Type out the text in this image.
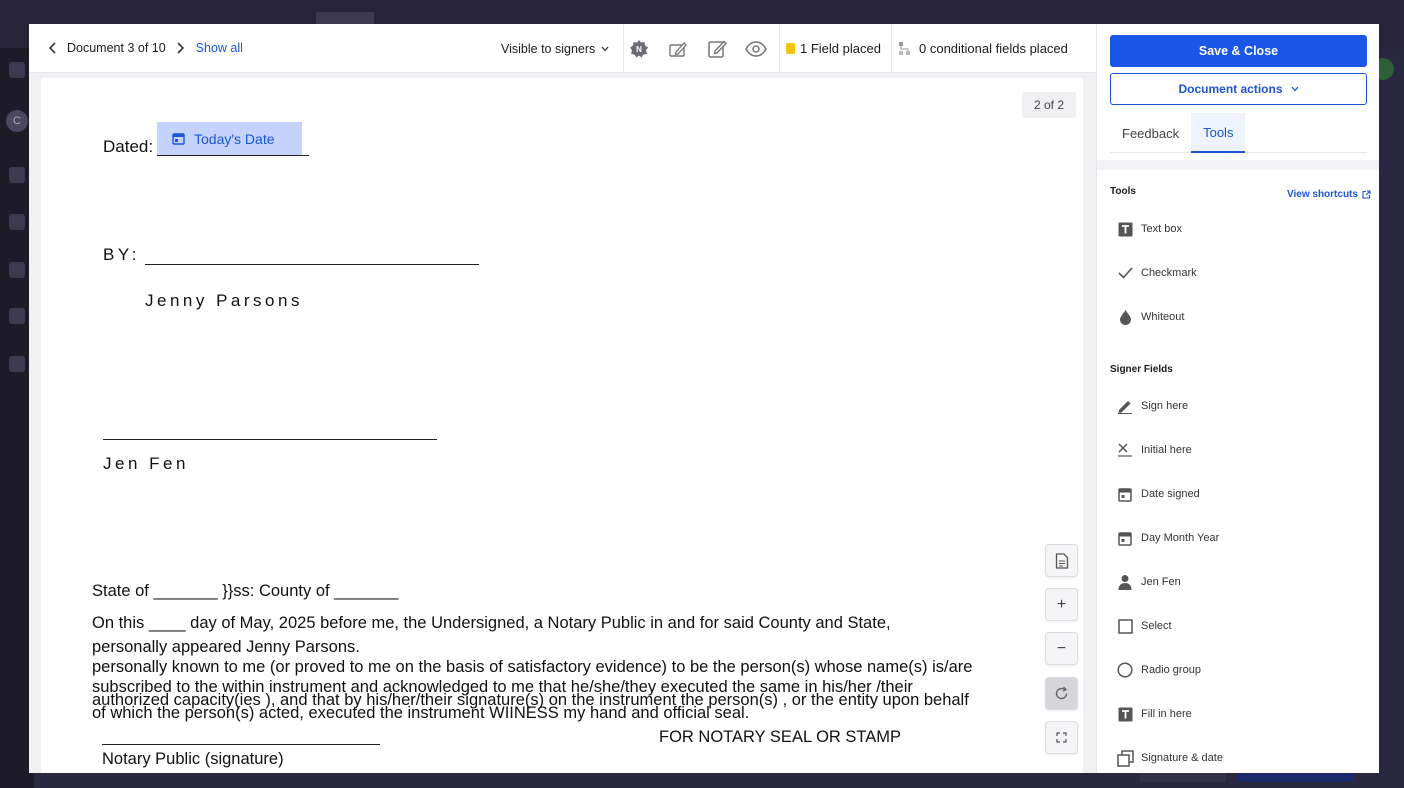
C
Document 3 of 10 Show all	Visible to signers	N	1 Field placed	0 conditional fields placed
2 of 2
Dated:	Today's Date
BY:
Jenny Parsons
Jen Fen
State of _______ }}ss: County of _______
On this ____ day of May, 2025 before me, the Undersigned, a Notary Public in and for said County and State,
personally appeared Jenny Parsons.
personally known to me (or proved to me on the basis of satisfactory evidence) to be the person(s) whose name(s) is/are
subscribed to the within instrument and acknowledged to me that he/she/they executed the same in his/her /their
authorized capacity(ies ), and that by his/her/their signature(s) on the instrument the person(s) , or the entity upon behalf
of which the person(s) acted, executed the instrument WIINESS my hand and official seal.
Notary Public (signature)
FOR NOTARY SEAL OR STAMP
+
−
Save & Close
Document actions
Feedback	Tools
Tools	View shortcuts
Text box
Checkmark
Whiteout
Signer Fields
Sign here
Initial here
Date signed
Day Month Year
Jen Fen
Select
Radio group
Fill in here
Signature & date
